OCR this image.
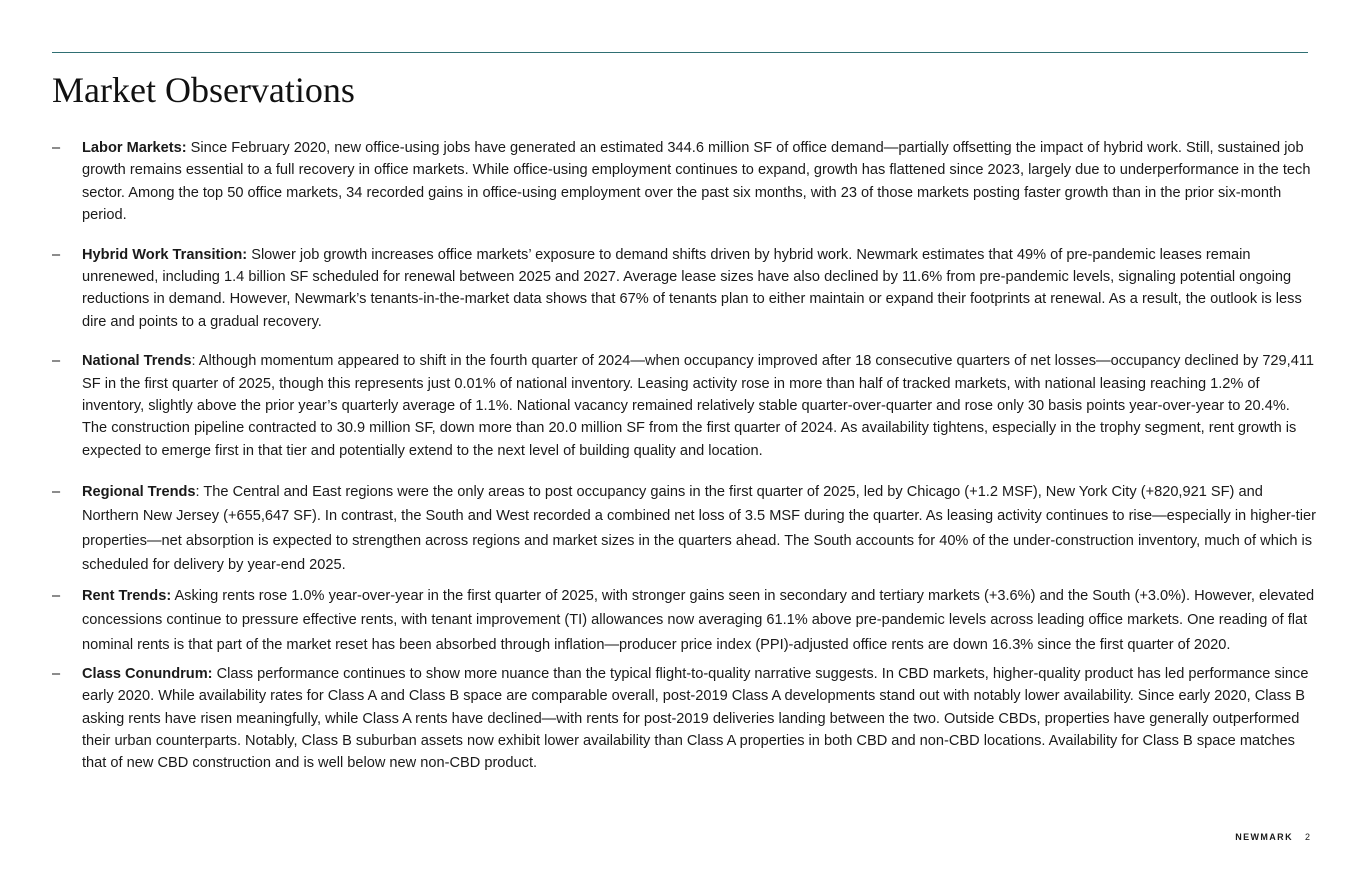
Market Observations
– Labor Markets: Since February 2020, new office-using jobs have generated an estimated 344.6 million SF of office demand—partially offsetting the impact of hybrid work. Still, sustained job growth remains essential to a full recovery in office markets. While office-using employment continues to expand, growth has flattened since 2023, largely due to underperformance in the tech sector. Among the top 50 office markets, 34 recorded gains in office-using employment over the past six months, with 23 of those markets posting faster growth than in the prior six-month period.
– Hybrid Work Transition: Slower job growth increases office markets’ exposure to demand shifts driven by hybrid work. Newmark estimates that 49% of pre-pandemic leases remain unrenewed, including 1.4 billion SF scheduled for renewal between 2025 and 2027. Average lease sizes have also declined by 11.6% from pre-pandemic levels, signaling potential ongoing reductions in demand. However, Newmark’s tenants-in-the-market data shows that 67% of tenants plan to either maintain or expand their footprints at renewal. As a result, the outlook is less dire and points to a gradual recovery.
– National Trends: Although momentum appeared to shift in the fourth quarter of 2024—when occupancy improved after 18 consecutive quarters of net losses—occupancy declined by 729,411 SF in the first quarter of 2025, though this represents just 0.01% of national inventory. Leasing activity rose in more than half of tracked markets, with national leasing reaching 1.2% of inventory, slightly above the prior year’s quarterly average of 1.1%. National vacancy remained relatively stable quarter-over-quarter and rose only 30 basis points year-over-year to 20.4%. The construction pipeline contracted to 30.9 million SF, down more than 20.0 million SF from the first quarter of 2024. As availability tightens, especially in the trophy segment, rent growth is expected to emerge first in that tier and potentially extend to the next level of building quality and location.
– Regional Trends: The Central and East regions were the only areas to post occupancy gains in the first quarter of 2025, led by Chicago (+1.2 MSF), New York City (+820,921 SF) and Northern New Jersey (+655,647 SF). In contrast, the South and West recorded a combined net loss of 3.5 MSF during the quarter. As leasing activity continues to rise—especially in higher-tier properties—net absorption is expected to strengthen across regions and market sizes in the quarters ahead. The South accounts for 40% of the under-construction inventory, much of which is scheduled for delivery by year-end 2025.
– Rent Trends: Asking rents rose 1.0% year-over-year in the first quarter of 2025, with stronger gains seen in secondary and tertiary markets (+3.6%) and the South (+3.0%). However, elevated concessions continue to pressure effective rents, with tenant improvement (TI) allowances now averaging 61.1% above pre-pandemic levels across leading office markets. One reading of flat nominal rents is that part of the market reset has been absorbed through inflation—producer price index (PPI)-adjusted office rents are down 16.3% since the first quarter of 2020.
– Class Conundrum: Class performance continues to show more nuance than the typical flight-to-quality narrative suggests. In CBD markets, higher-quality product has led performance since early 2020. While availability rates for Class A and Class B space are comparable overall, post-2019 Class A developments stand out with notably lower availability. Since early 2020, Class B asking rents have risen meaningfully, while Class A rents have declined—with rents for post-2019 deliveries landing between the two. Outside CBDs, properties have generally outperformed their urban counterparts. Notably, Class B suburban assets now exhibit lower availability than Class A properties in both CBD and non-CBD locations. Availability for Class B space matches that of new CBD construction and is well below new non-CBD product.
NEWMARK 2
